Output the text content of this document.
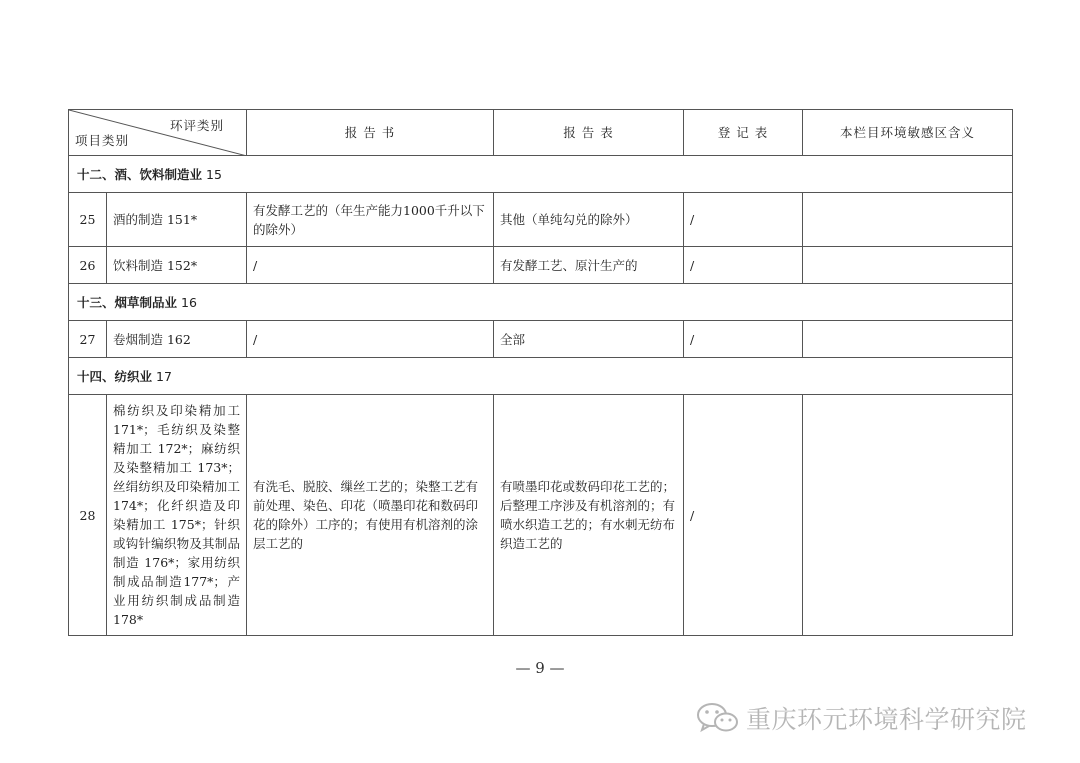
环评类别
项目类别		报 告 书	报 告 表	登 记 表	本栏目环境敏感区含义
十二、酒、饮料制造业 15					
25	酒的制造 151*	有发酵工艺的（年生产能力1000千升以下的除外）	其他（单纯勾兑的除外）	/	
26	饮料制造 152*	/	有发酵工艺、原汁生产的	/	
十三、烟草制品业 16					
27	卷烟制造 162	/	全部	/	
十四、纺织业 17					
28	棉纺织及印染精加工171*；毛纺织及染整精加工 172*；麻纺织及染整精加工 173*；丝绢纺织及印染精加工 174*；化纤织造及印染精加工 175*；针织或钩针编织物及其制品制造 176*；家用纺织制成品制造177*；产业用纺织制成品制造 178*	有洗毛、脱胶、缫丝工艺的；染整工艺有前处理、染色、印花（喷墨印花和数码印花的除外）工序的；有使用有机溶剂的涂层工艺的	有喷墨印花或数码印花工艺的；后整理工序涉及有机溶剂的；有喷水织造工艺的；有水刺无纺布织造工艺的	/	
— 9 —
重庆环元环境科学研究院
